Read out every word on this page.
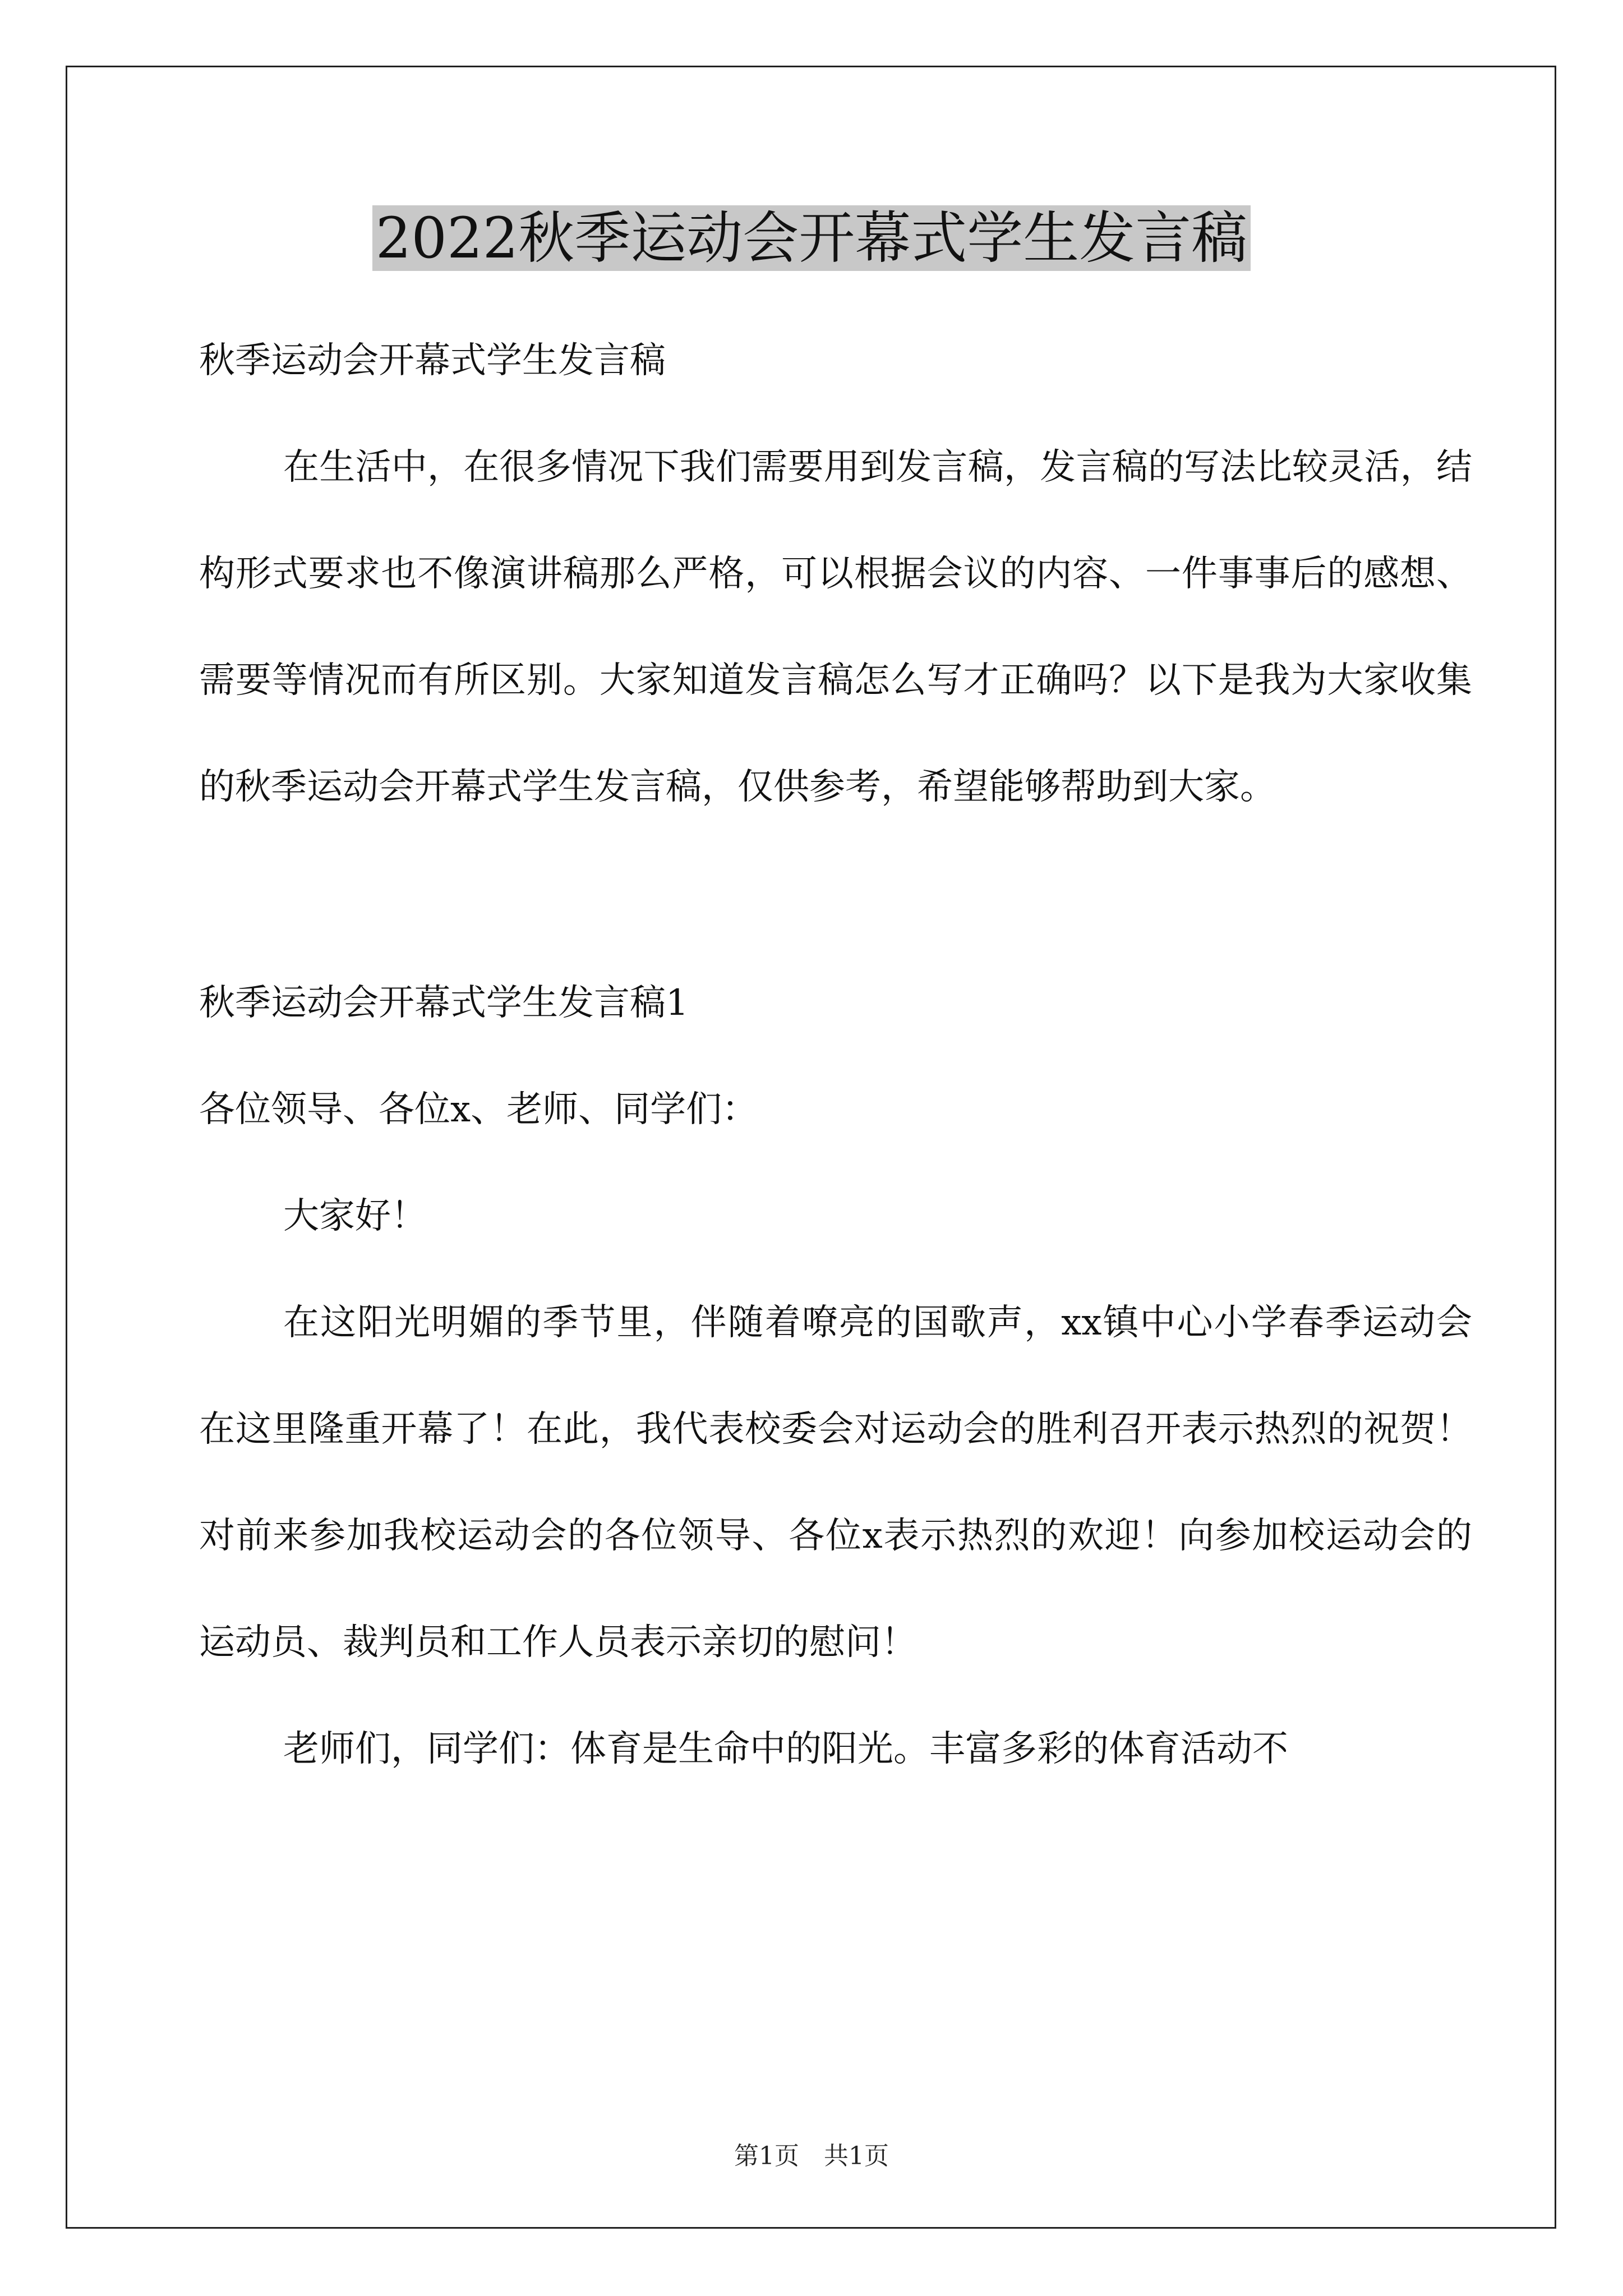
2022秋季运动会开幕式学生发言稿

秋季运动会开幕式学生发言稿

在生活中，在很多情况下我们需要用到发言稿，发言稿的写法比较灵活，结构形式要求也不像演讲稿那么严格，可以根据会议的内容、一件事事后的感想、需要等情况而有所区别。大家知道发言稿怎么写才正确吗？以下是我为大家收集的秋季运动会开幕式学生发言稿，仅供参考，希望能够帮助到大家。

秋季运动会开幕式学生发言稿1

各位领导、各位x、老师、同学们：

大家好！

在这阳光明媚的季节里，伴随着嘹亮的国歌声，xx镇中心小学春季运动会在这里隆重开幕了！在此，我代表校委会对运动会的胜利召开表示热烈的祝贺！对前来参加我校运动会的各位领导、各位x表示热烈的欢迎！向参加校运动会的运动员、裁判员和工作人员表示亲切的慰问！

老师们，同学们：体育是生命中的阳光。丰富多彩的体育活动不

第1页　共1页
